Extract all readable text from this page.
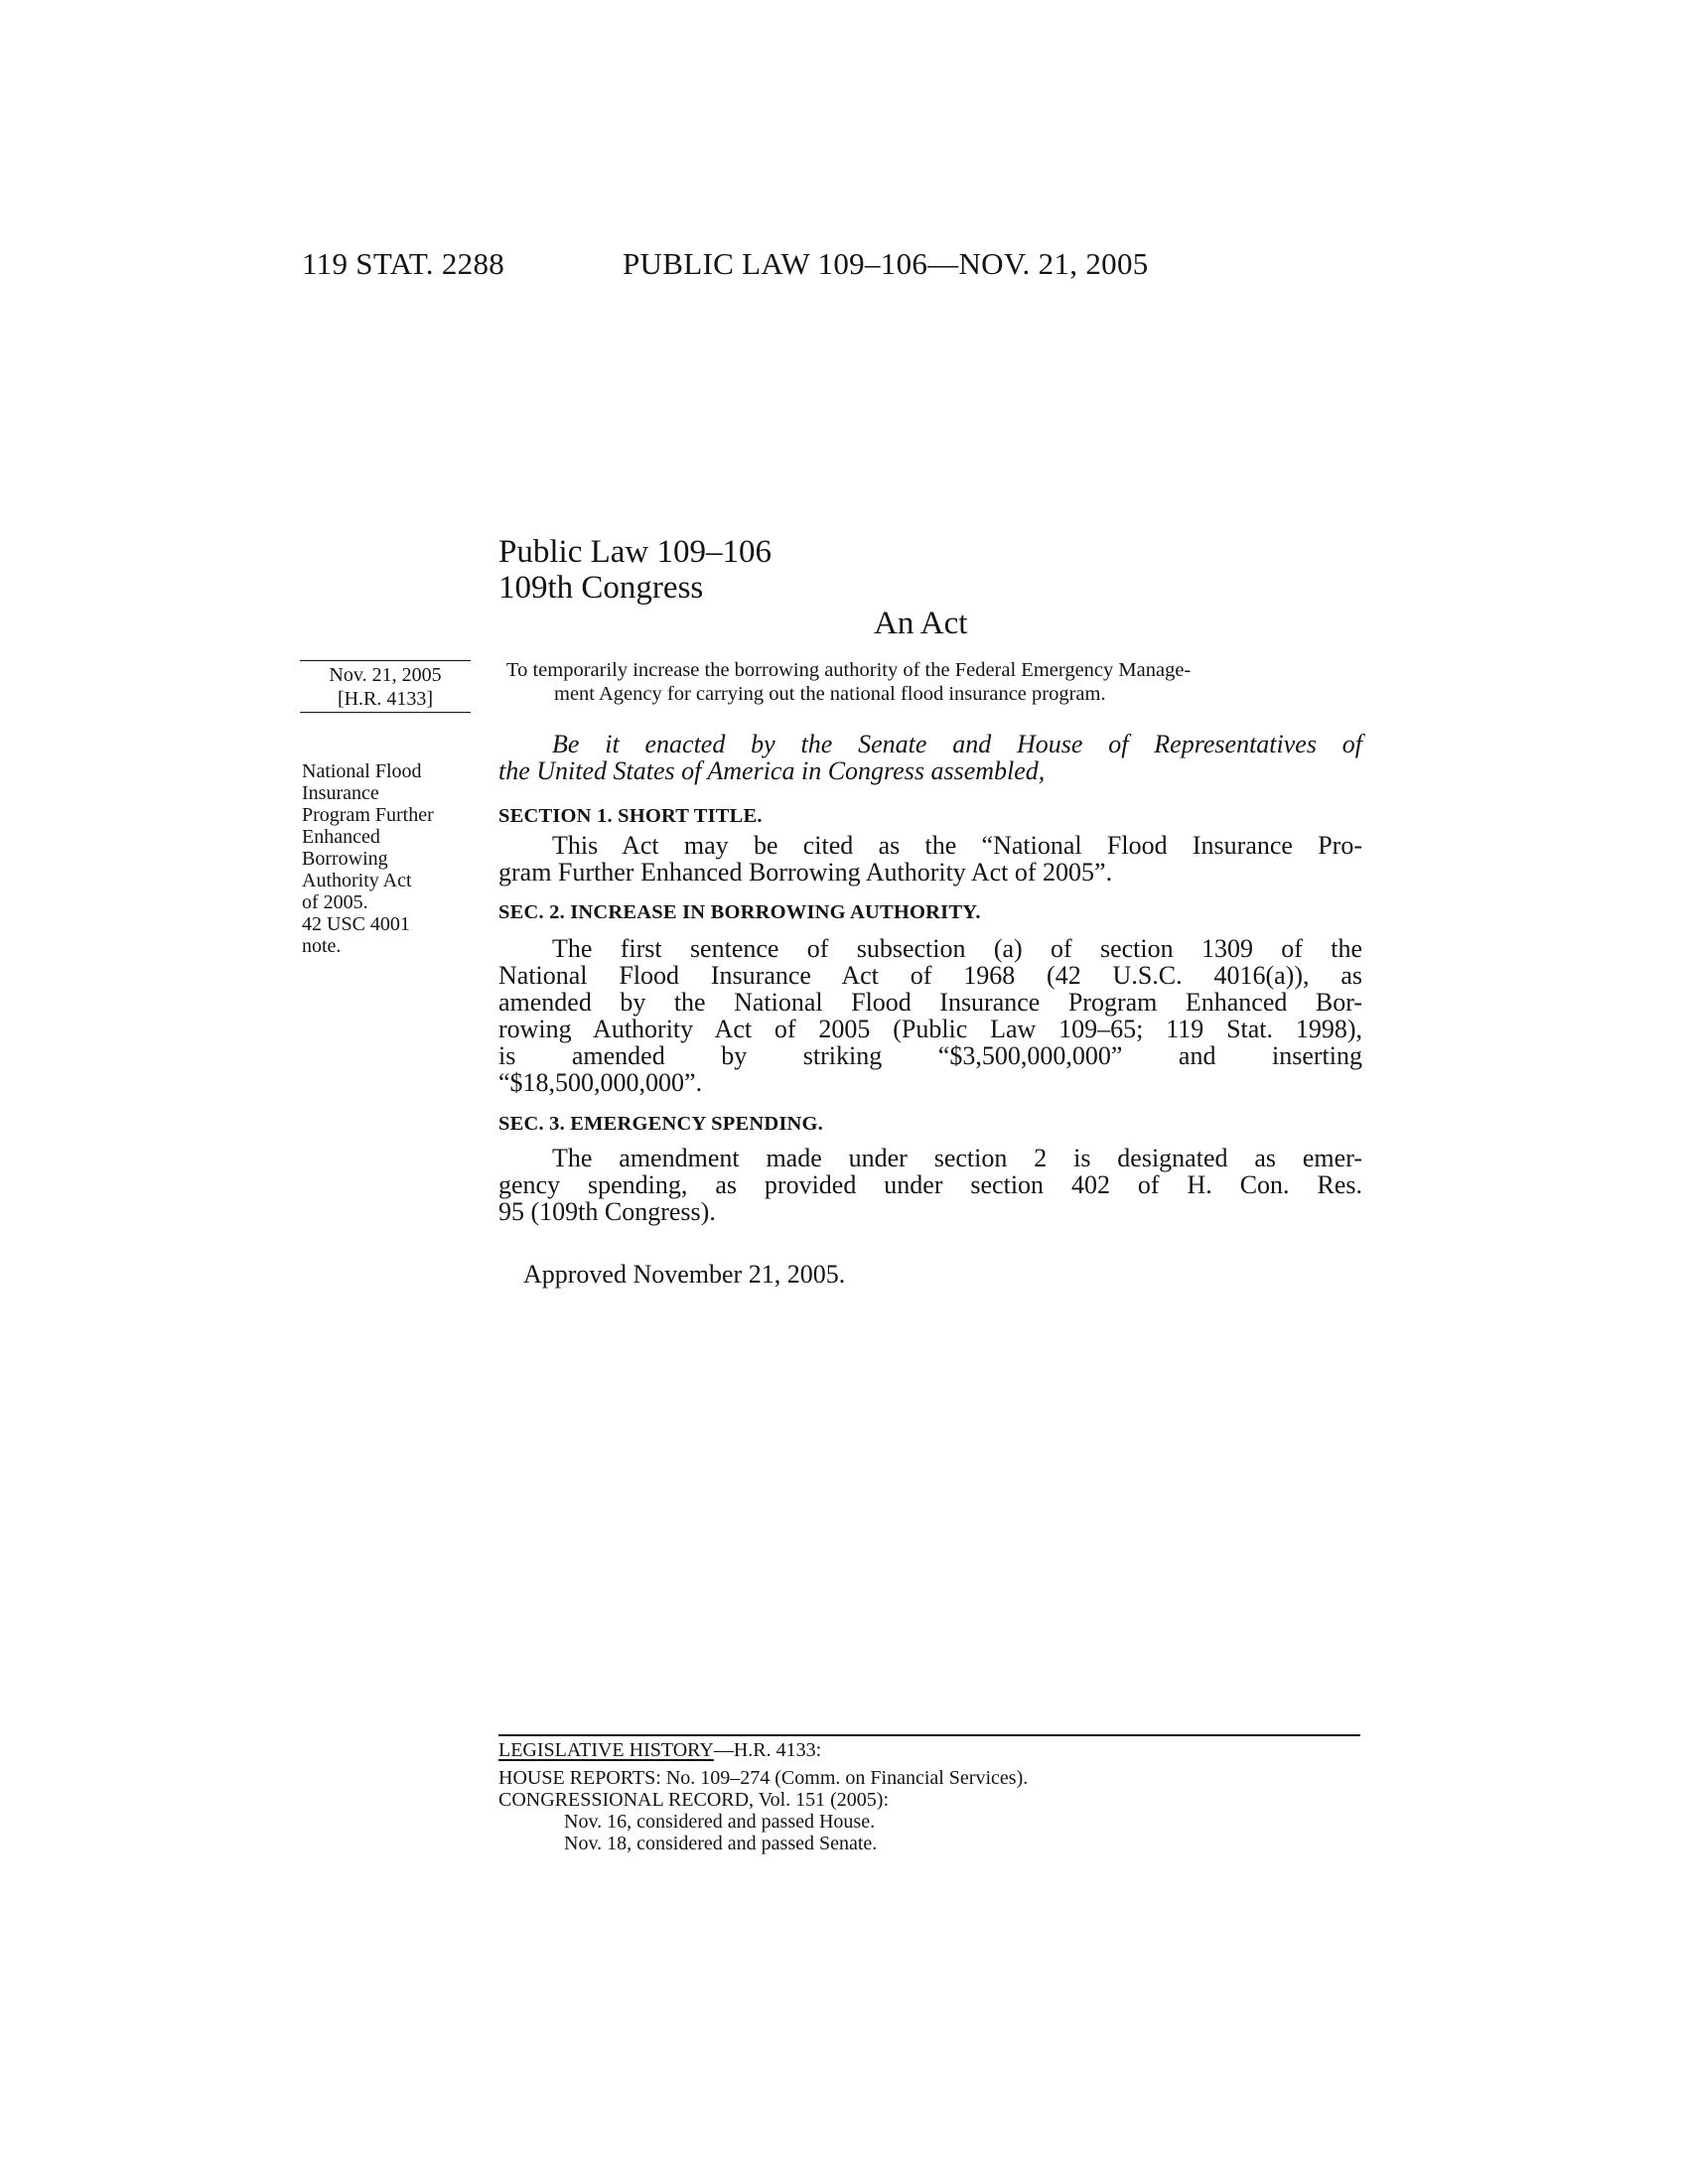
119 STAT. 2288	PUBLIC LAW 109–106—NOV. 21, 2005
Public Law 109–106
109th Congress
An Act
Nov. 21, 2005
[H.R. 4133]
National Flood
Insurance
Program Further
Enhanced
Borrowing
Authority Act
of 2005.
42 USC 4001
note.
To temporarily increase the borrowing authority of the Federal Emergency Manage-
ment Agency for carrying out the national flood insurance program.
Be it enacted by the Senate and House of Representatives of
the United States of America in Congress assembled,
SECTION 1. SHORT TITLE.
This Act may be cited as the “National Flood Insurance Pro-
gram Further Enhanced Borrowing Authority Act of 2005”.
SEC. 2. INCREASE IN BORROWING AUTHORITY.
The first sentence of subsection (a) of section 1309 of the
National Flood Insurance Act of 1968 (42 U.S.C. 4016(a)), as
amended by the National Flood Insurance Program Enhanced Bor-
rowing Authority Act of 2005 (Public Law 109–65; 119 Stat. 1998),
is amended by striking “$3,500,000,000” and inserting
“$18,500,000,000”.
SEC. 3. EMERGENCY SPENDING.
The amendment made under section 2 is designated as emer-
gency spending, as provided under section 402 of H. Con. Res.
95 (109th Congress).
Approved November 21, 2005.
LEGISLATIVE HISTORY—H.R. 4133:
HOUSE REPORTS: No. 109–274 (Comm. on Financial Services).
CONGRESSIONAL RECORD, Vol. 151 (2005):
Nov. 16, considered and passed House.
Nov. 18, considered and passed Senate.
